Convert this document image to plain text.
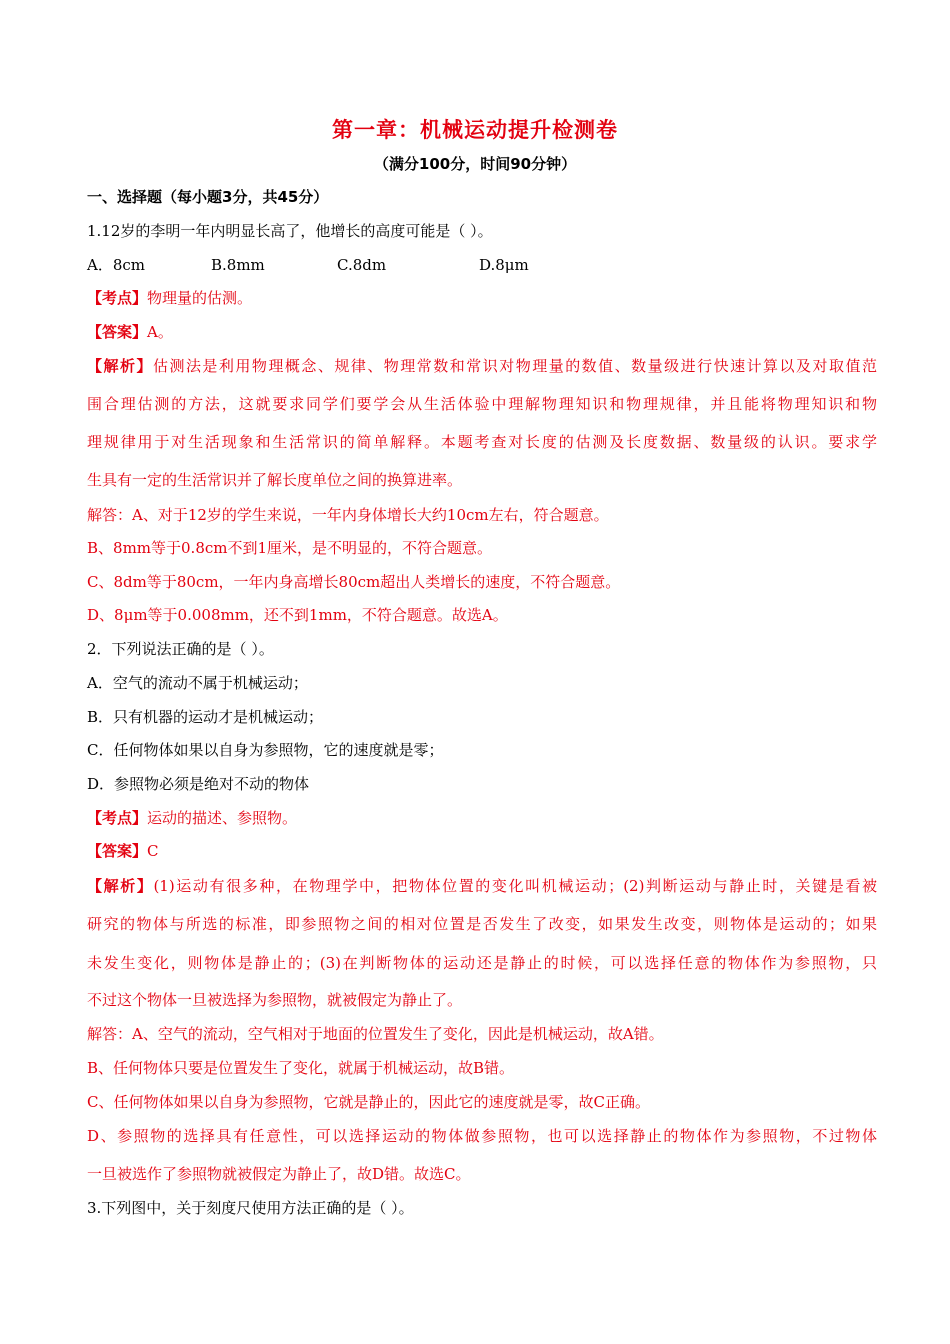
第一章：机械运动提升检测卷
（满分100分，时间90分钟）
一、选择题（每小题3分，共45分）
1.12岁的李明一年内明显长高了，他增长的高度可能是（ ）。
A．8cm	B.8mm	C.8dm	D.8μm
【考点】物理量的估测。
【答案】A。
【解析】估测法是利用物理概念、规律、物理常数和常识对物理量的数值、数量级进行快速计算以及对取值范
围合理估测的方法，这就要求同学们要学会从生活体验中理解物理知识和物理规律，并且能将物理知识和物
理规律用于对生活现象和生活常识的简单解释。本题考查对长度的估测及长度数据、数量级的认识。要求学
生具有一定的生活常识并了解长度单位之间的换算进率。
解答：A、对于12岁的学生来说，一年内身体增长大约10cm左右，符合题意。
B、8mm等于0.8cm不到1厘米，是不明显的，不符合题意。
C、8dm等于80cm，一年内身高增长80cm超出人类增长的速度，不符合题意。
D、8μm等于0.008mm，还不到1mm，不符合题意。故选A。
2．下列说法正确的是（ ）。
A．空气的流动不属于机械运动；
B．只有机器的运动才是机械运动；
C．任何物体如果以自身为参照物，它的速度就是零；
D．参照物必须是绝对不动的物体
【考点】运动的描述、参照物。
【答案】C
【解析】(1)运动有很多种，在物理学中，把物体位置的变化叫机械运动；(2)判断运动与静止时，关键是看被
研究的物体与所选的标准，即参照物之间的相对位置是否发生了改变，如果发生改变，则物体是运动的；如果
未发生变化，则物体是静止的；(3)在判断物体的运动还是静止的时候，可以选择任意的物体作为参照物，只
不过这个物体一旦被选择为参照物，就被假定为静止了。
解答：A、空气的流动，空气相对于地面的位置发生了变化，因此是机械运动，故A错。
B、任何物体只要是位置发生了变化，就属于机械运动，故B错。
C、任何物体如果以自身为参照物，它就是静止的，因此它的速度就是零，故C正确。
D、参照物的选择具有任意性，可以选择运动的物体做参照物，也可以选择静止的物体作为参照物，不过物体
一旦被选作了参照物就被假定为静止了，故D错。故选C。
3.下列图中，关于刻度尺使用方法正确的是（ ）。
